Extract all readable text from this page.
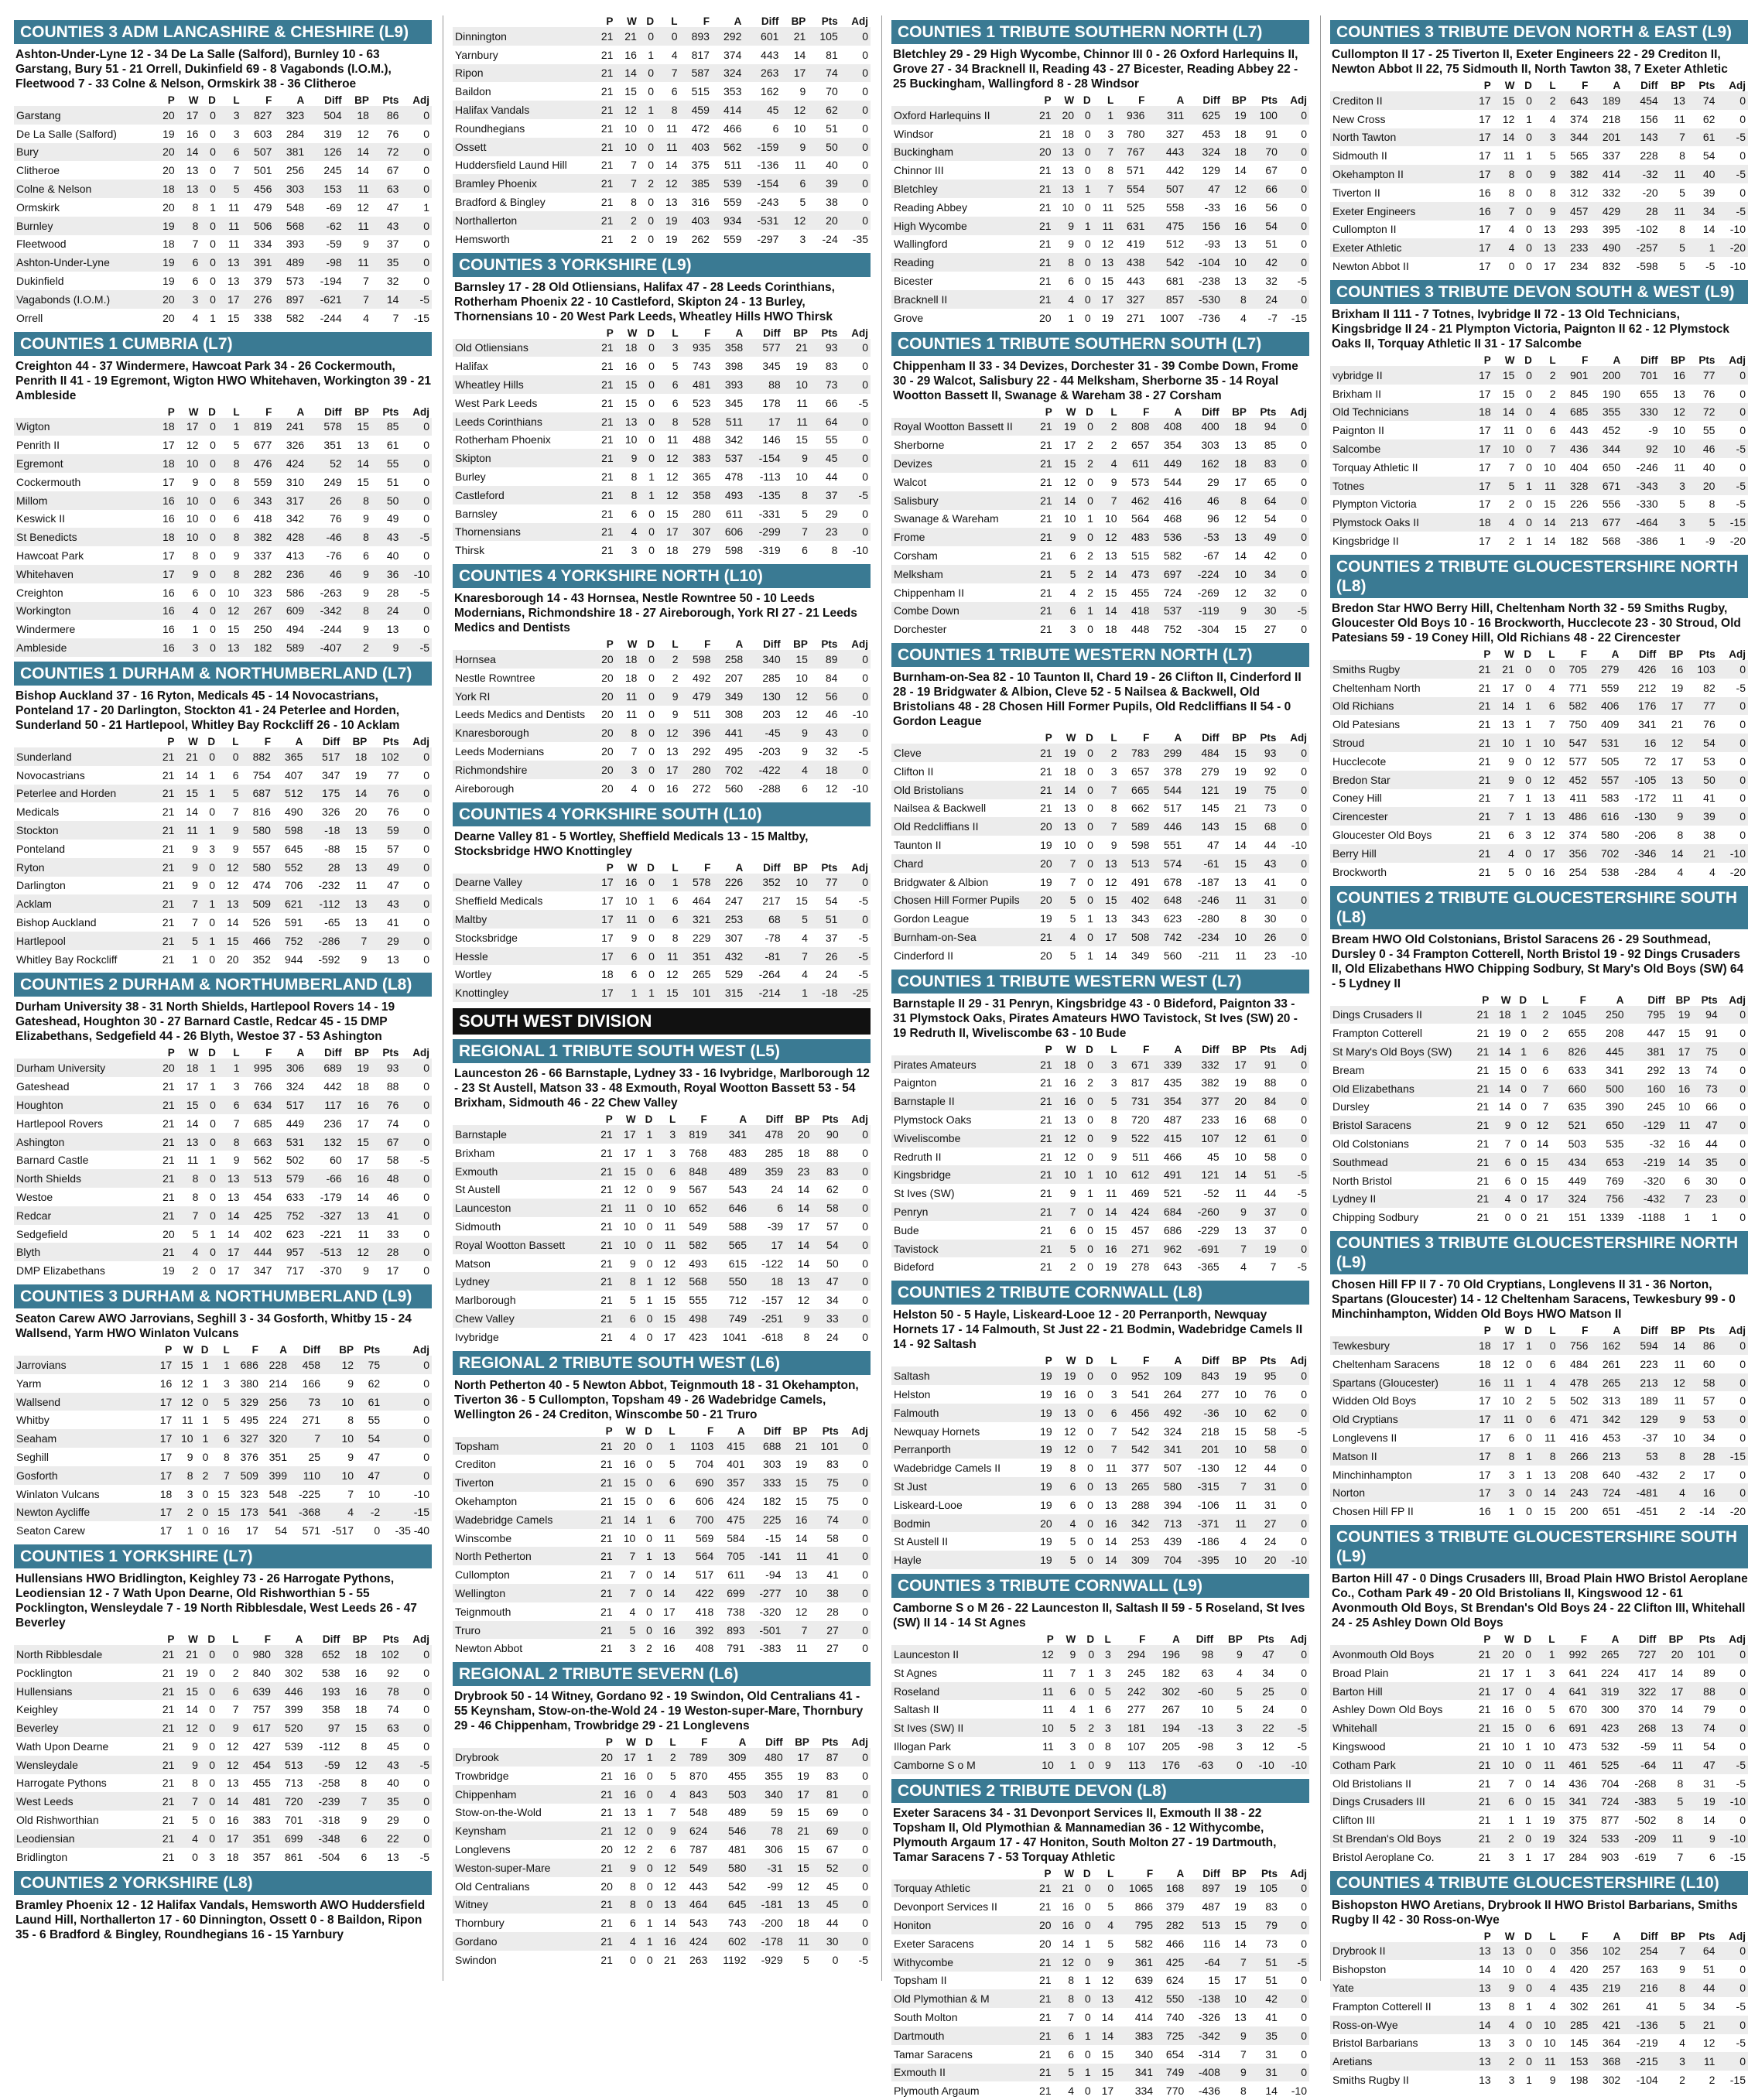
COUNTIES 3 ADM LANCASHIRE & CHESHIRE (L9)
Ashton-Under-Lyne 12 - 34 De La Salle (Salford), Burnley 10 - 63 Garstang, Bury 51 - 21 Orrell, Dukinfield 69 - 8 Vagabonds (I.O.M.), Fleetwood 7 - 33 Colne & Nelson, Ormskirk 38 - 36 Clitheroe
	P	W	D	L	F	A	Diff	BP	Pts	Adj
Garstang	20	17	0	3	827	323	504	18	86	0
De La Salle (Salford)	19	16	0	3	603	284	319	12	76	0
Bury	20	14	0	6	507	381	126	14	72	0
Clitheroe	20	13	0	7	501	256	245	14	67	0
Colne & Nelson	18	13	0	5	456	303	153	11	63	0
Ormskirk	20	8	1	11	479	548	-69	12	47	1
Burnley	19	8	0	11	506	568	-62	11	43	0
Fleetwood	18	7	0	11	334	393	-59	9	37	0
Ashton-Under-Lyne	19	6	0	13	391	489	-98	11	35	0
Dukinfield	19	6	0	13	379	573	-194	7	32	0
Vagabonds (I.O.M.)	20	3	0	17	276	897	-621	7	14	-5
Orrell	20	4	1	15	338	582	-244	4	7	-15
COUNTIES 1 CUMBRIA (L7)
Creighton 44 - 37 Windermere, Hawcoat Park 34 - 26 Cockermouth, Penrith II 41 - 19 Egremont, Wigton HWO Whitehaven, Workington 39 - 21 Ambleside
	P	W	D	L	F	A	Diff	BP	Pts	Adj
Wigton	18	17	0	1	819	241	578	15	85	0
Penrith II	17	12	0	5	677	326	351	13	61	0
Egremont	18	10	0	8	476	424	52	14	55	0
Cockermouth	17	9	0	8	559	310	249	15	51	0
Millom	16	10	0	6	343	317	26	8	50	0
Keswick II	16	10	0	6	418	342	76	9	49	0
St Benedicts	18	10	0	8	382	428	-46	8	43	-5
Hawcoat Park	17	8	0	9	337	413	-76	6	40	0
Whitehaven	17	9	0	8	282	236	46	9	36	-10
Creighton	16	6	0	10	323	586	-263	9	28	-5
Workington	16	4	0	12	267	609	-342	8	24	0
Windermere	16	1	0	15	250	494	-244	9	13	0
Ambleside	16	3	0	13	182	589	-407	2	9	-5
COUNTIES 1 DURHAM & NORTHUMBERLAND (L7)
Bishop Auckland 37 - 16 Ryton, Medicals 45 - 14 Novocastrians, Ponteland 17 - 20 Darlington, Stockton 41 - 24 Peterlee and Horden, Sunderland 50 - 21 Hartlepool, Whitley Bay Rockcliff 26 - 10 Acklam
	P	W	D	L	F	A	Diff	BP	Pts	Adj
Sunderland	21	21	0	0	882	365	517	18	102	0
Novocastrians	21	14	1	6	754	407	347	19	77	0
Peterlee and Horden	21	15	1	5	687	512	175	14	76	0
Medicals	21	14	0	7	816	490	326	20	76	0
Stockton	21	11	1	9	580	598	-18	13	59	0
Ponteland	21	9	3	9	557	645	-88	15	57	0
Ryton	21	9	0	12	580	552	28	13	49	0
Darlington	21	9	0	12	474	706	-232	11	47	0
Acklam	21	7	1	13	509	621	-112	13	43	0
Bishop Auckland	21	7	0	14	526	591	-65	13	41	0
Hartlepool	21	5	1	15	466	752	-286	7	29	0
Whitley Bay Rockcliff	21	1	0	20	352	944	-592	9	13	0
COUNTIES 2 DURHAM & NORTHUMBERLAND (L8)
Durham University 38 - 31 North Shields, Hartlepool Rovers 14 - 19 Gateshead, Houghton 30 - 27 Barnard Castle, Redcar 45 - 15 DMP Elizabethans, Sedgefield 44 - 26 Blyth, Westoe 37 - 53 Ashington
	P	W	D	L	F	A	Diff	BP	Pts	Adj
Durham University	20	18	1	1	995	306	689	19	93	0
Gateshead	21	17	1	3	766	324	442	18	88	0
Houghton	21	15	0	6	634	517	117	16	76	0
Hartlepool Rovers	21	14	0	7	685	449	236	17	74	0
Ashington	21	13	0	8	663	531	132	15	67	0
Barnard Castle	21	11	1	9	562	502	60	17	58	-5
North Shields	21	8	0	13	513	579	-66	16	48	0
Westoe	21	8	0	13	454	633	-179	14	46	0
Redcar	21	7	0	14	425	752	-327	13	41	0
Sedgefield	20	5	1	14	402	623	-221	11	33	0
Blyth	21	4	0	17	444	957	-513	12	28	0
DMP Elizabethans	19	2	0	17	347	717	-370	9	17	0
COUNTIES 3 DURHAM & NORTHUMBERLAND (L9)
Seaton Carew AWO Jarrovians, Seghill 3 - 34 Gosforth, Whitby 15 - 24 Wallsend, Yarm HWO Winlaton Vulcans
	P	W	D	L	F	A	Diff	BP	Pts	Adj
Jarrovians	17	15	1	1	686	228	458	12	75	0
Yarm	16	12	1	3	380	214	166	9	62	0
Wallsend	17	12	0	5	329	256	73	10	61	0
Whitby	17	11	1	5	495	224	271	8	55	0
Seaham	17	10	1	6	327	320	7	10	54	0
Seghill	17	9	0	8	376	351	25	9	47	0
Gosforth	17	8	2	7	509	399	110	10	47	0
Winlaton Vulcans	18	3	0	15	323	548	-225	7	10	-10
Newton Aycliffe	17	2	0	15	173	541	-368	4	-2	-15
Seaton Carew	17	1	0	16	17	54	571	-517	0	-35 -40
COUNTIES 1 YORKSHIRE (L7)
Hullensians HWO Bridlington, Keighley 73 - 26 Harrogate Pythons, Leodiensian 12 - 7 Wath Upon Dearne, Old Rishworthian 5 - 55 Pocklington, Wensleydale 7 - 19 North Ribblesdale, West Leeds 26 - 47 Beverley
	P	W	D	L	F	A	Diff	BP	Pts	Adj
North Ribblesdale	21	21	0	0	980	328	652	18	102	0
Pocklington	21	19	0	2	840	302	538	16	92	0
Hullensians	21	15	0	6	639	446	193	16	78	0
Keighley	21	14	0	7	757	399	358	18	74	0
Beverley	21	12	0	9	617	520	97	15	63	0
Wath Upon Dearne	21	9	0	12	427	539	-112	8	45	0
Wensleydale	21	9	0	12	454	513	-59	12	43	-5
Harrogate Pythons	21	8	0	13	455	713	-258	8	40	0
West Leeds	21	7	0	14	481	720	-239	7	35	0
Old Rishworthian	21	5	0	16	383	701	-318	9	29	0
Leodiensian	21	4	0	17	351	699	-348	6	22	0
Bridlington	21	0	3	18	357	861	-504	6	13	-5
COUNTIES 2 YORKSHIRE (L8)
Bramley Phoenix 12 - 12 Halifax Vandals, Hemsworth AWO Huddersfield Laund Hill, Northallerton 17 - 60 Dinnington, Ossett 0 - 8 Baildon, Ripon 35 - 6 Bradford & Bingley, Roundhegians 16 - 15 Yarnbury
	P	W	D	L	F	A	Diff	BP	Pts	Adj
Dinnington	21	21	0	0	893	292	601	21	105	0
Yarnbury	21	16	1	4	817	374	443	14	81	0
Ripon	21	14	0	7	587	324	263	17	74	0
Baildon	21	15	0	6	515	353	162	9	70	0
Halifax Vandals	21	12	1	8	459	414	45	12	62	0
Roundhegians	21	10	0	11	472	466	6	10	51	0
Ossett	21	10	0	11	403	562	-159	9	50	0
Huddersfield Laund Hill	21	7	0	14	375	511	-136	11	40	0
Bramley Phoenix	21	7	2	12	385	539	-154	6	39	0
Bradford & Bingley	21	8	0	13	316	559	-243	5	38	0
Northallerton	21	2	0	19	403	934	-531	12	20	0
Hemsworth	21	2	0	19	262	559	-297	3	-24	-35
COUNTIES 3 YORKSHIRE (L9)
Barnsley 17 - 28 Old Otliensians, Halifax 47 - 28 Leeds Corinthians, Rotherham Phoenix 22 - 10 Castleford, Skipton 24 - 13 Burley, Thornensians 10 - 20 West Park Leeds, Wheatley Hills HWO Thirsk
	P	W	D	L	F	A	Diff	BP	Pts	Adj
Old Otliensians	21	18	0	3	935	358	577	21	93	0
Halifax	21	16	0	5	743	398	345	19	83	0
Wheatley Hills	21	15	0	6	481	393	88	10	73	0
West Park Leeds	21	15	0	6	523	345	178	11	66	-5
Leeds Corinthians	21	13	0	8	528	511	17	11	64	0
Rotherham Phoenix	21	10	0	11	488	342	146	15	55	0
Skipton	21	9	0	12	383	537	-154	9	45	0
Burley	21	8	1	12	365	478	-113	10	44	0
Castleford	21	8	1	12	358	493	-135	8	37	-5
Barnsley	21	6	0	15	280	611	-331	5	29	0
Thornensians	21	4	0	17	307	606	-299	7	23	0
Thirsk	21	3	0	18	279	598	-319	6	8	-10
COUNTIES 4 YORKSHIRE NORTH (L10)
Knaresborough 14 - 43 Hornsea, Nestle Rowntree 50 - 10 Leeds Modernians, Richmondshire 18 - 27 Aireborough, York RI 27 - 21 Leeds Medics and Dentists
	P	W	D	L	F	A	Diff	BP	Pts	Adj
Hornsea	20	18	0	2	598	258	340	15	89	0
Nestle Rowntree	20	18	0	2	492	207	285	10	84	0
York RI	20	11	0	9	479	349	130	12	56	0
Leeds Medics and Dentists	20	11	0	9	511	308	203	12	46	-10
Knaresborough	20	8	0	12	396	441	-45	9	43	0
Leeds Modernians	20	7	0	13	292	495	-203	9	32	-5
Richmondshire	20	3	0	17	280	702	-422	4	18	0
Aireborough	20	4	0	16	272	560	-288	6	12	-10
COUNTIES 4 YORKSHIRE SOUTH (L10)
Dearne Valley 81 - 5 Wortley, Sheffield Medicals 13 - 15 Maltby, Stocksbridge HWO Knottingley
	P	W	D	L	F	A	Diff	BP	Pts	Adj
Dearne Valley	17	16	0	1	578	226	352	10	77	0
Sheffield Medicals	17	10	1	6	464	247	217	15	54	-5
Maltby	17	11	0	6	321	253	68	5	51	0
Stocksbridge	17	9	0	8	229	307	-78	4	37	-5
Hessle	17	6	0	11	351	432	-81	7	26	-5
Wortley	18	6	0	12	265	529	-264	4	24	-5
Knottingley	17	1	1	15	101	315	-214	1	-18	-25
SOUTH WEST DIVISION
REGIONAL 1 TRIBUTE SOUTH WEST (L5)
Launceston 26 - 66 Barnstaple, Lydney 33 - 16 Ivybridge, Marlborough 12 - 23 St Austell, Matson 33 - 48 Exmouth, Royal Wootton Bassett 53 - 54 Brixham, Sidmouth 46 - 22 Chew Valley
	P	W	D	L	F	A	Diff	BP	Pts	Adj
Barnstaple	21	17	1	3	819	341	478	20	90	0
Brixham	21	17	1	3	768	483	285	18	88	0
Exmouth	21	15	0	6	848	489	359	23	83	0
St Austell	21	12	0	9	567	543	24	14	62	0
Launceston	21	11	0	10	652	646	6	14	58	0
Sidmouth	21	10	0	11	549	588	-39	17	57	0
Royal Wootton Bassett	21	10	0	11	582	565	17	14	54	0
Matson	21	9	0	12	493	615	-122	14	50	0
Lydney	21	8	1	12	568	550	18	13	47	0
Marlborough	21	5	1	15	555	712	-157	12	34	0
Chew Valley	21	6	0	15	498	749	-251	9	33	0
Ivybridge	21	4	0	17	423	1041	-618	8	24	0
REGIONAL 2 TRIBUTE SOUTH WEST (L6)
North Petherton 40 - 5 Newton Abbot, Teignmouth 18 - 31 Okehampton, Tiverton 36 - 5 Cullompton, Topsham 49 - 26 Wadebridge Camels, Wellington 26 - 24 Crediton, Winscombe 50 - 21 Truro
	P	W	D	L	F	A	Diff	BP	Pts	Adj
Topsham	21	20	0	1	1103	415	688	21	101	0
Crediton	21	16	0	5	704	401	303	19	83	0
Tiverton	21	15	0	6	690	357	333	15	75	0
Okehampton	21	15	0	6	606	424	182	15	75	0
Wadebridge Camels	21	14	1	6	700	475	225	16	74	0
Winscombe	21	10	0	11	569	584	-15	14	58	0
North Petherton	21	7	1	13	564	705	-141	11	41	0
Cullompton	21	7	0	14	517	611	-94	13	41	0
Wellington	21	7	0	14	422	699	-277	10	38	0
Teignmouth	21	4	0	17	418	738	-320	12	28	0
Truro	21	5	0	16	392	893	-501	7	27	0
Newton Abbot	21	3	2	16	408	791	-383	11	27	0
REGIONAL 2 TRIBUTE SEVERN (L6)
Drybrook 50 - 14 Witney, Gordano 92 - 19 Swindon, Old Centralians 41 - 55 Keynsham, Stow-on-the-Wold 24 - 19 Weston-super-Mare, Thornbury 29 - 46 Chippenham, Trowbridge 29 - 21 Longlevens
	P	W	D	L	F	A	Diff	BP	Pts	Adj
Drybrook	20	17	1	2	789	309	480	17	87	0
Trowbridge	21	16	0	5	870	455	355	19	83	0
Chippenham	21	16	0	4	843	503	340	17	81	0
Stow-on-the-Wold	21	13	1	7	548	489	59	15	69	0
Keynsham	21	12	0	9	624	546	78	21	69	0
Longlevens	20	12	2	6	787	481	306	15	67	0
Weston-super-Mare	21	9	0	12	549	580	-31	15	52	0
Old Centralians	20	8	0	12	443	542	-99	12	45	0
Witney	21	8	0	13	464	645	-181	13	45	0
Thornbury	21	6	1	14	543	743	-200	18	44	0
Gordano	21	4	1	16	424	602	-178	11	30	0
Swindon	21	0	0	21	263	1192	-929	5	0	-5
COUNTIES 1 TRIBUTE SOUTHERN NORTH (L7)
Bletchley 29 - 29 High Wycombe, Chinnor III 0 - 26 Oxford Harlequins II, Grove 27 - 34 Bracknell II, Reading 43 - 27 Bicester, Reading Abbey 22 - 25 Buckingham, Wallingford 8 - 28 Windsor
	P	W	D	L	F	A	Diff	BP	Pts	Adj
Oxford Harlequins II	21	20	0	1	936	311	625	19	100	0
Windsor	21	18	0	3	780	327	453	18	91	0
Buckingham	20	13	0	7	767	443	324	18	70	0
Chinnor III	21	13	0	8	571	442	129	14	67	0
Bletchley	21	13	1	7	554	507	47	12	66	0
Reading Abbey	21	10	0	11	525	558	-33	16	56	0
High Wycombe	21	9	1	11	631	475	156	16	54	0
Wallingford	21	9	0	12	419	512	-93	13	51	0
Reading	21	8	0	13	438	542	-104	10	42	0
Bicester	21	6	0	15	443	681	-238	13	32	-5
Bracknell II	21	4	0	17	327	857	-530	8	24	0
Grove	20	1	0	19	271	1007	-736	4	-7	-15
COUNTIES 1 TRIBUTE SOUTHERN SOUTH (L7)
Chippenham II 33 - 34 Devizes, Dorchester 31 - 39 Combe Down, Frome 30 - 29 Walcot, Salisbury 22 - 44 Melksham, Sherborne 35 - 14 Royal Wootton Bassett II, Swanage & Wareham 38 - 27 Corsham
	P	W	D	L	F	A	Diff	BP	Pts	Adj
Royal Wootton Bassett II	21	19	0	2	808	408	400	18	94	0
Sherborne	21	17	2	2	657	354	303	13	85	0
Devizes	21	15	2	4	611	449	162	18	83	0
Walcot	21	12	0	9	573	544	29	17	65	0
Salisbury	21	14	0	7	462	416	46	8	64	0
Swanage & Wareham	21	10	1	10	564	468	96	12	54	0
Frome	21	9	0	12	483	536	-53	13	49	0
Corsham	21	6	2	13	515	582	-67	14	42	0
Melksham	21	5	2	14	473	697	-224	10	34	0
Chippenham II	21	4	2	15	455	724	-269	12	32	0
Combe Down	21	6	1	14	418	537	-119	9	30	-5
Dorchester	21	3	0	18	448	752	-304	15	27	0
COUNTIES 1 TRIBUTE WESTERN NORTH (L7)
Burnham-on-Sea 82 - 10 Taunton II, Chard 19 - 26 Clifton II, Cinderford II 28 - 19 Bridgwater & Albion, Cleve 52 - 5 Nailsea & Backwell, Old Bristolians 48 - 28 Chosen Hill Former Pupils, Old Redcliffians II 54 - 0 Gordon League
	P	W	D	L	F	A	Diff	BP	Pts	Adj
Cleve	21	19	0	2	783	299	484	15	93	0
Clifton II	21	18	0	3	657	378	279	19	92	0
Old Bristolians	21	14	0	7	665	544	121	19	75	0
Nailsea & Backwell	21	13	0	8	662	517	145	21	73	0
Old Redcliffians II	20	13	0	7	589	446	143	15	68	0
Taunton II	19	10	0	9	598	551	47	14	44	-10
Chard	20	7	0	13	513	574	-61	15	43	0
Bridgwater & Albion	19	7	0	12	491	678	-187	13	41	0
Chosen Hill Former Pupils	20	5	0	15	402	648	-246	11	31	0
Gordon League	19	5	1	13	343	623	-280	8	30	0
Burnham-on-Sea	21	4	0	17	508	742	-234	10	26	0
Cinderford II	20	5	1	14	349	560	-211	11	23	-10
COUNTIES 1 TRIBUTE WESTERN WEST (L7)
Barnstaple II 29 - 31 Penryn, Kingsbridge 43 - 0 Bideford, Paignton 33 - 31 Plymstock Oaks, Pirates Amateurs HWO Tavistock, St Ives (SW) 20 - 19 Redruth II, Wiveliscombe 63 - 10 Bude
	P	W	D	L	F	A	Diff	BP	Pts	Adj
Pirates Amateurs	21	18	0	3	671	339	332	17	91	0
Paignton	21	16	2	3	817	435	382	19	88	0
Barnstaple II	21	16	0	5	731	354	377	20	84	0
Plymstock Oaks	21	13	0	8	720	487	233	16	68	0
Wiveliscombe	21	12	0	9	522	415	107	12	61	0
Redruth II	21	12	0	9	511	466	45	10	58	0
Kingsbridge	21	10	1	10	612	491	121	14	51	-5
St Ives (SW)	21	9	1	11	469	521	-52	11	44	-5
Penryn	21	7	0	14	424	684	-260	9	37	0
Bude	21	6	0	15	457	686	-229	13	37	0
Tavistock	21	5	0	16	271	962	-691	7	19	0
Bideford	21	2	0	19	278	643	-365	4	7	-5
COUNTIES 2 TRIBUTE CORNWALL (L8)
Helston 50 - 5 Hayle, Liskeard-Looe 12 - 20 Perranporth, Newquay Hornets 17 - 14 Falmouth, St Just 22 - 21 Bodmin, Wadebridge Camels II 14 - 92 Saltash
	P	W	D	L	F	A	Diff	BP	Pts	Adj
Saltash	19	19	0	0	952	109	843	19	95	0
Helston	19	16	0	3	541	264	277	10	76	0
Falmouth	19	13	0	6	456	492	-36	10	62	0
Newquay Hornets	19	12	0	7	542	324	218	15	58	-5
Perranporth	19	12	0	7	542	341	201	10	58	0
Wadebridge Camels II	19	8	0	11	377	507	-130	12	44	0
St Just	19	6	0	13	265	580	-315	7	31	0
Liskeard-Looe	19	6	0	13	288	394	-106	11	31	0
Bodmin	20	4	0	16	342	713	-371	11	27	0
St Austell II	19	5	0	14	253	439	-186	4	24	0
Hayle	19	5	0	14	309	704	-395	10	20	-10
COUNTIES 3 TRIBUTE CORNWALL (L9)
Camborne S o M 26 - 22 Launceston II, Saltash II 59 - 5 Roseland, St Ives (SW) II 14 - 14 St Agnes
	P	W	D	L	F	A	Diff	BP	Pts	Adj
Launceston II	12	9	0	3	294	196	98	9	47	0
St Agnes	11	7	1	3	245	182	63	4	34	0
Roseland	11	6	0	5	242	302	-60	5	25	0
Saltash II	11	4	1	6	277	267	10	5	24	0
St Ives (SW) II	10	5	2	3	181	194	-13	3	22	-5
Illogan Park	11	3	0	8	107	205	-98	3	12	-5
Camborne S o M	10	1	0	9	113	176	-63	0	-10	-10
COUNTIES 2 TRIBUTE DEVON (L8)
Exeter Saracens 34 - 31 Devonport Services II, Exmouth II 38 - 22 Topsham II, Old Plymothian & Mannamedian 36 - 12 Withycombe, Plymouth Argaum 17 - 47 Honiton, South Molton 27 - 19 Dartmouth, Tamar Saracens 7 - 53 Torquay Athletic
	P	W	D	L	F	A	Diff	BP	Pts	Adj
Torquay Athletic	21	21	0	0	1065	168	897	19	105	0
Devonport Services II	21	16	0	5	866	379	487	19	83	0
Honiton	20	16	0	4	795	282	513	15	79	0
Exeter Saracens	20	14	1	5	582	466	116	14	73	0
Withycombe	21	12	0	9	361	425	-64	7	51	-5
Topsham II	21	8	1	12	639	624	15	17	51	0
Old Plymothian & M	21	8	0	13	412	550	-138	10	42	0
South Molton	21	7	0	14	414	740	-326	13	41	0
Dartmouth	21	6	1	14	383	725	-342	9	35	0
Tamar Saracens	21	6	0	15	340	654	-314	7	31	0
Exmouth II	21	5	1	15	341	749	-408	9	31	0
Plymouth Argaum	21	4	0	17	334	770	-436	8	14	-10
COUNTIES 3 TRIBUTE DEVON NORTH & EAST (L9)
Cullompton II 17 - 25 Tiverton II, Exeter Engineers 22 - 29 Crediton II, Newton Abbot II 22, 75 Sidmouth II, North Tawton 38, 7 Exeter Athletic
	P	W	D	L	F	A	Diff	BP	Pts	Adj
Crediton II	17	15	0	2	643	189	454	13	74	0
New Cross	17	12	1	4	374	218	156	11	62	0
North Tawton	17	14	0	3	344	201	143	7	61	-5
Sidmouth II	17	11	1	5	565	337	228	8	54	0
Okehampton II	17	8	0	9	382	414	-32	11	40	-5
Tiverton II	16	8	0	8	312	332	-20	5	39	0
Exeter Engineers	16	7	0	9	457	429	28	11	34	-5
Cullompton II	17	4	0	13	293	395	-102	8	14	-10
Exeter Athletic	17	4	0	13	233	490	-257	5	1	-20
Newton Abbot II	17	0	0	17	234	832	-598	5	-5	-10
COUNTIES 3 TRIBUTE DEVON SOUTH & WEST (L9)
Brixham II 111 - 7 Totnes, Ivybridge II 72 - 13 Old Technicians, Kingsbridge II 24 - 21 Plympton Victoria, Paignton II 62 - 12 Plymstock Oaks II, Torquay Athletic II 31 - 17 Salcombe
	P	W	D	L	F	A	Diff	BP	Pts	Adj
vybridge II	17	15	0	2	901	200	701	16	77	0
Brixham II	17	15	0	2	845	190	655	13	76	0
Old Technicians	18	14	0	4	685	355	330	12	72	0
Paignton II	17	11	0	6	443	452	-9	10	55	0
Salcombe	17	10	0	7	436	344	92	10	46	-5
Torquay Athletic II	17	7	0	10	404	650	-246	11	40	0
Totnes	17	5	1	11	328	671	-343	3	20	-5
Plympton Victoria	17	2	0	15	226	556	-330	5	8	-5
Plymstock Oaks II	18	4	0	14	213	677	-464	3	5	-15
Kingsbridge II	17	2	1	14	182	568	-386	1	-9	-20
COUNTIES 2 TRIBUTE GLOUCESTERSHIRE NORTH (L8)
Bredon Star HWO Berry Hill, Cheltenham North 32 - 59 Smiths Rugby, Gloucester Old Boys 10 - 16 Brockworth, Hucclecote 23 - 30 Stroud, Old Patesians 59 - 19 Coney Hill, Old Richians 48 - 22 Cirencester
	P	W	D	L	F	A	Diff	BP	Pts	Adj
Smiths Rugby	21	21	0	0	705	279	426	16	103	0
Cheltenham North	21	17	0	4	771	559	212	19	82	-5
Old Richians	21	14	1	6	582	406	176	17	77	0
Old Patesians	21	13	1	7	750	409	341	21	76	0
Stroud	21	10	1	10	547	531	16	12	54	0
Hucclecote	21	9	0	12	577	505	72	17	53	0
Bredon Star	21	9	0	12	452	557	-105	13	50	0
Coney Hill	21	7	1	13	411	583	-172	11	41	0
Cirencester	21	7	1	13	486	616	-130	9	39	0
Gloucester Old Boys	21	6	3	12	374	580	-206	8	38	0
Berry Hill	21	4	0	17	356	702	-346	14	21	-10
Brockworth	21	5	0	16	254	538	-284	4	4	-20
COUNTIES 2 TRIBUTE GLOUCESTERSHIRE SOUTH (L8)
Bream HWO Old Colstonians, Bristol Saracens 26 - 29 Southmead, Dursley 0 - 34 Frampton Cotterell, North Bristol 19 - 92 Dings Crusaders II, Old Elizabethans HWO Chipping Sodbury, St Mary's Old Boys (SW) 64 - 5 Lydney II
	P	W	D	L	F	A	Diff	BP	Pts	Adj
Dings Crusaders II	21	18	1	2	1045	250	795	19	94	0
Frampton Cotterell	21	19	0	2	655	208	447	15	91	0
St Mary's Old Boys (SW)	21	14	1	6	826	445	381	17	75	0
Bream	21	15	0	6	633	341	292	13	74	0
Old Elizabethans	21	14	0	7	660	500	160	16	73	0
Dursley	21	14	0	7	635	390	245	10	66	0
Bristol Saracens	21	9	0	12	521	650	-129	11	47	0
Old Colstonians	21	7	0	14	503	535	-32	16	44	0
Southmead	21	6	0	15	434	653	-219	14	35	0
North Bristol	21	6	0	15	449	769	-320	6	30	0
Lydney II	21	4	0	17	324	756	-432	7	23	0
Chipping Sodbury	21	0	0	21	151	1339	-1188	1	1	0
COUNTIES 3 TRIBUTE GLOUCESTERSHIRE NORTH (L9)
Chosen Hill FP II 7 - 70 Old Cryptians, Longlevens II 31 - 36 Norton, Spartans (Gloucester) 14 - 12 Cheltenham Saracens, Tewkesbury 99 - 0 Minchinhampton, Widden Old Boys HWO Matson II
	P	W	D	L	F	A	Diff	BP	Pts	Adj
Tewkesbury	18	17	1	0	756	162	594	14	86	0
Cheltenham Saracens	18	12	0	6	484	261	223	11	60	0
Spartans (Gloucester)	16	11	1	4	478	265	213	12	58	0
Widden Old Boys	17	10	2	5	502	313	189	11	57	0
Old Cryptians	17	11	0	6	471	342	129	9	53	0
Longlevens II	17	6	0	11	416	453	-37	10	34	0
Matson II	17	8	1	8	266	213	53	8	28	-15
Minchinhampton	17	3	1	13	208	640	-432	2	17	0
Norton	17	3	0	14	243	724	-481	4	16	0
Chosen Hill FP II	16	1	0	15	200	651	-451	2	-14	-20
COUNTIES 3 TRIBUTE GLOUCESTERSHIRE SOUTH (L9)
Barton Hill 47 - 0 Dings Crusaders III, Broad Plain HWO Bristol Aeroplane Co., Cotham Park 49 - 20 Old Bristolians II, Kingswood 12 - 61 Avonmouth Old Boys, St Brendan's Old Boys 24 - 22 Clifton III, Whitehall 24 - 25 Ashley Down Old Boys
	P	W	D	L	F	A	Diff	BP	Pts	Adj
Avonmouth Old Boys	21	20	0	1	992	265	727	20	101	0
Broad Plain	21	17	1	3	641	224	417	14	89	0
Barton Hill	21	17	0	4	641	319	322	17	88	0
Ashley Down Old Boys	21	16	0	5	670	300	370	14	79	0
Whitehall	21	15	0	6	691	423	268	13	74	0
Kingswood	21	10	1	10	473	532	-59	11	54	0
Cotham Park	21	10	0	11	461	525	-64	11	47	-5
Old Bristolians II	21	7	0	14	436	704	-268	8	31	-5
Dings Crusaders III	21	6	0	15	341	724	-383	5	19	-10
Clifton III	21	1	1	19	375	877	-502	8	14	0
St Brendan's Old Boys	21	2	0	19	324	533	-209	11	9	-10
Bristol Aeroplane Co.	21	3	1	17	284	903	-619	7	6	-15
COUNTIES 4 TRIBUTE GLOUCESTERSHIRE (L10)
Bishopston HWO Aretians, Drybrook II HWO Bristol Barbarians, Smiths Rugby II 42 - 30 Ross-on-Wye
	P	W	D	L	F	A	Diff	BP	Pts	Adj
Drybrook II	13	13	0	0	356	102	254	7	64	0
Bishopston	14	10	0	4	420	257	163	9	51	0
Yate	13	9	0	4	435	219	216	8	44	0
Frampton Cotterell II	13	8	1	4	302	261	41	5	34	-5
Ross-on-Wye	14	4	0	10	285	421	-136	5	21	0
Bristol Barbarians	13	3	0	10	145	364	-219	4	12	-5
Aretians	13	2	0	11	153	368	-215	3	11	0
Smiths Rugby II	13	3	1	9	198	302	-104	2	2	-15
